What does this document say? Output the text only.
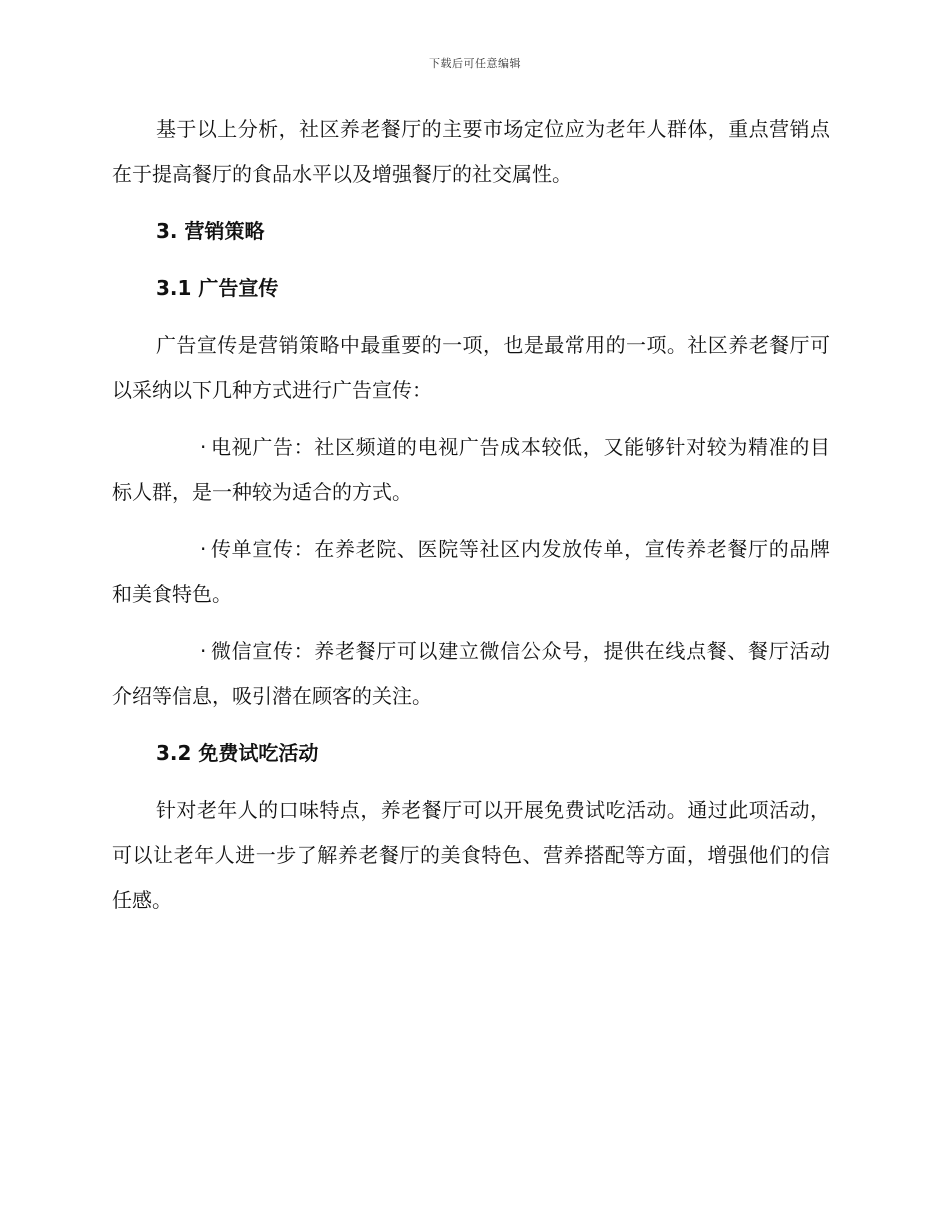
下载后可任意编辑

基于以上分析，社区养老餐厅的主要市场定位应为老年人群体，重点营销点在于提高餐厅的食品水平以及增强餐厅的社交属性。

3. 营销策略
3.1 广告宣传

广告宣传是营销策略中最重要的一项，也是最常用的一项。社区养老餐厅可以采纳以下几种方式进行广告宣传：

· 电视广告：社区频道的电视广告成本较低，又能够针对较为精准的目标人群，是一种较为适合的方式。

· 传单宣传：在养老院、医院等社区内发放传单，宣传养老餐厅的品牌和美食特色。

· 微信宣传：养老餐厅可以建立微信公众号，提供在线点餐、餐厅活动介绍等信息，吸引潜在顾客的关注。

3.2 免费试吃活动

针对老年人的口味特点，养老餐厅可以开展免费试吃活动。通过此项活动，可以让老年人进一步了解养老餐厅的美食特色、营养搭配等方面，增强他们的信任感。
